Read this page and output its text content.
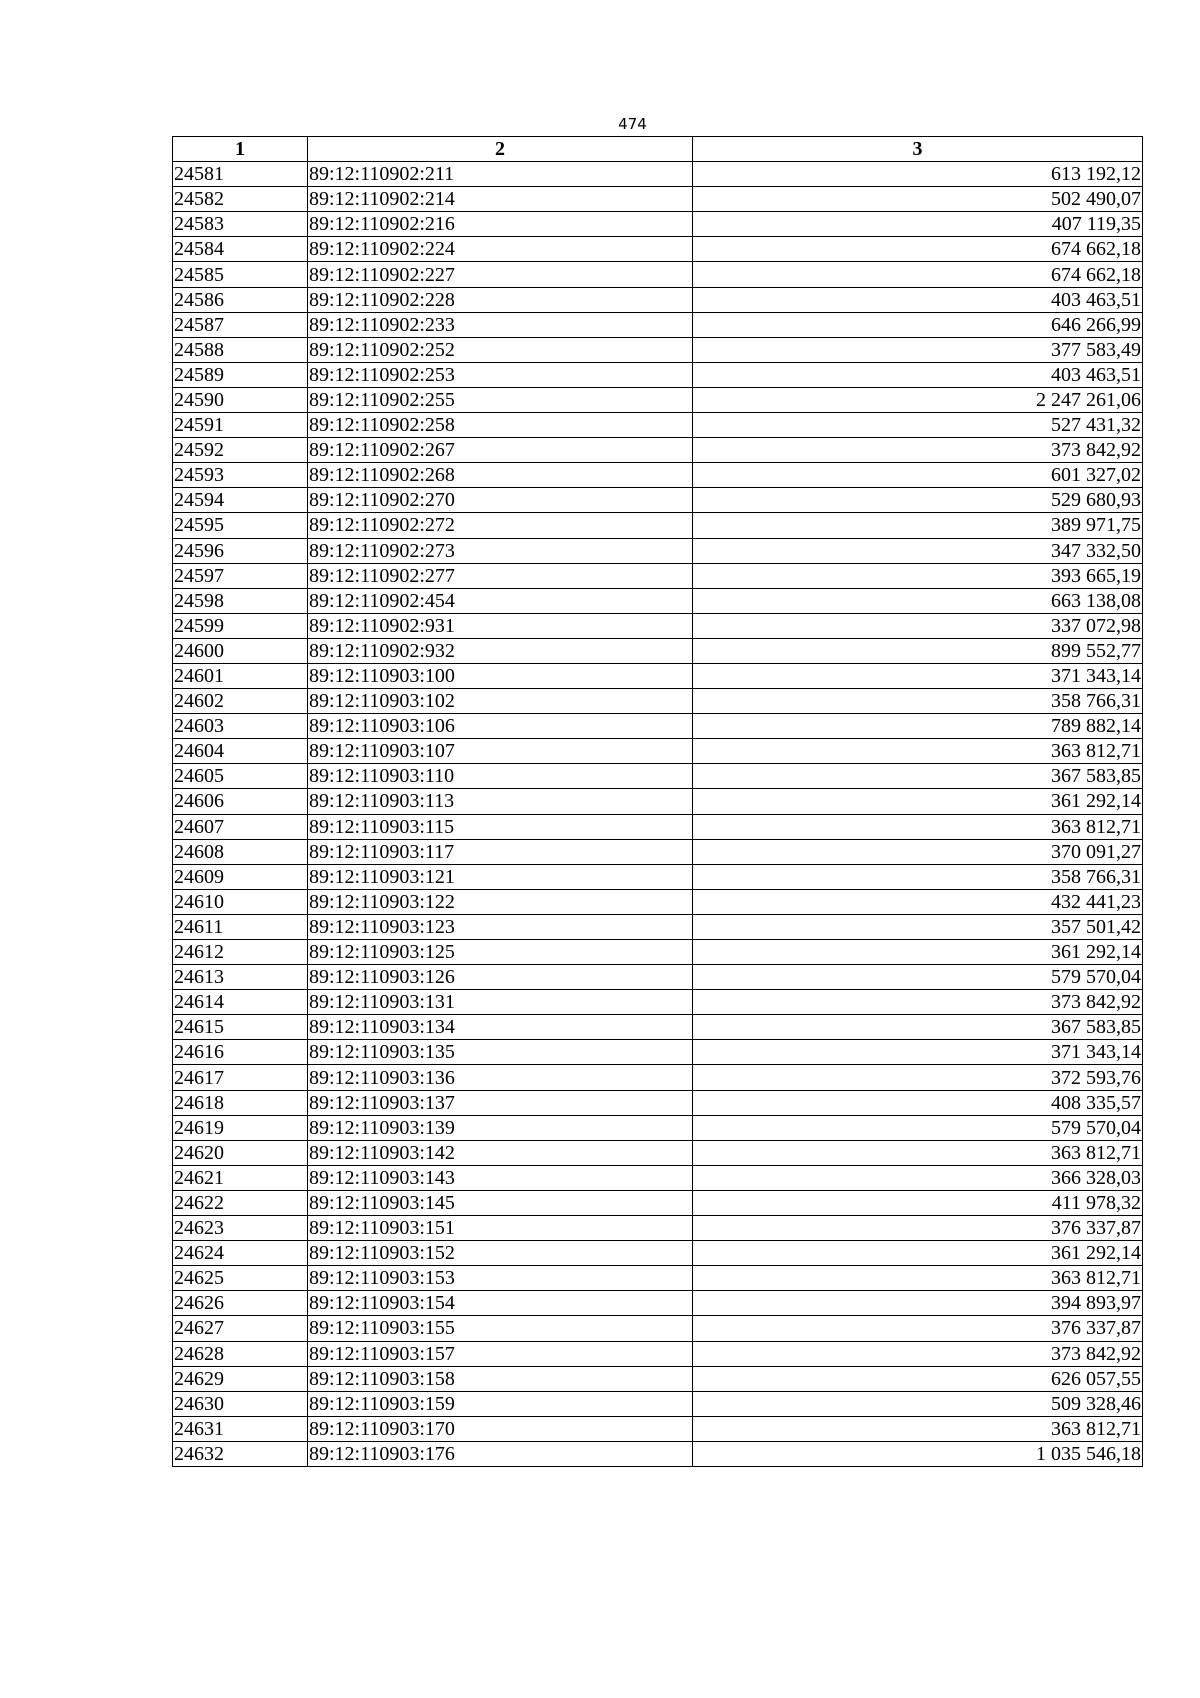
474
1	2	3
24581	89:12:110902:211	613 192,12
24582	89:12:110902:214	502 490,07
24583	89:12:110902:216	407 119,35
24584	89:12:110902:224	674 662,18
24585	89:12:110902:227	674 662,18
24586	89:12:110902:228	403 463,51
24587	89:12:110902:233	646 266,99
24588	89:12:110902:252	377 583,49
24589	89:12:110902:253	403 463,51
24590	89:12:110902:255	2 247 261,06
24591	89:12:110902:258	527 431,32
24592	89:12:110902:267	373 842,92
24593	89:12:110902:268	601 327,02
24594	89:12:110902:270	529 680,93
24595	89:12:110902:272	389 971,75
24596	89:12:110902:273	347 332,50
24597	89:12:110902:277	393 665,19
24598	89:12:110902:454	663 138,08
24599	89:12:110902:931	337 072,98
24600	89:12:110902:932	899 552,77
24601	89:12:110903:100	371 343,14
24602	89:12:110903:102	358 766,31
24603	89:12:110903:106	789 882,14
24604	89:12:110903:107	363 812,71
24605	89:12:110903:110	367 583,85
24606	89:12:110903:113	361 292,14
24607	89:12:110903:115	363 812,71
24608	89:12:110903:117	370 091,27
24609	89:12:110903:121	358 766,31
24610	89:12:110903:122	432 441,23
24611	89:12:110903:123	357 501,42
24612	89:12:110903:125	361 292,14
24613	89:12:110903:126	579 570,04
24614	89:12:110903:131	373 842,92
24615	89:12:110903:134	367 583,85
24616	89:12:110903:135	371 343,14
24617	89:12:110903:136	372 593,76
24618	89:12:110903:137	408 335,57
24619	89:12:110903:139	579 570,04
24620	89:12:110903:142	363 812,71
24621	89:12:110903:143	366 328,03
24622	89:12:110903:145	411 978,32
24623	89:12:110903:151	376 337,87
24624	89:12:110903:152	361 292,14
24625	89:12:110903:153	363 812,71
24626	89:12:110903:154	394 893,97
24627	89:12:110903:155	376 337,87
24628	89:12:110903:157	373 842,92
24629	89:12:110903:158	626 057,55
24630	89:12:110903:159	509 328,46
24631	89:12:110903:170	363 812,71
24632	89:12:110903:176	1 035 546,18
